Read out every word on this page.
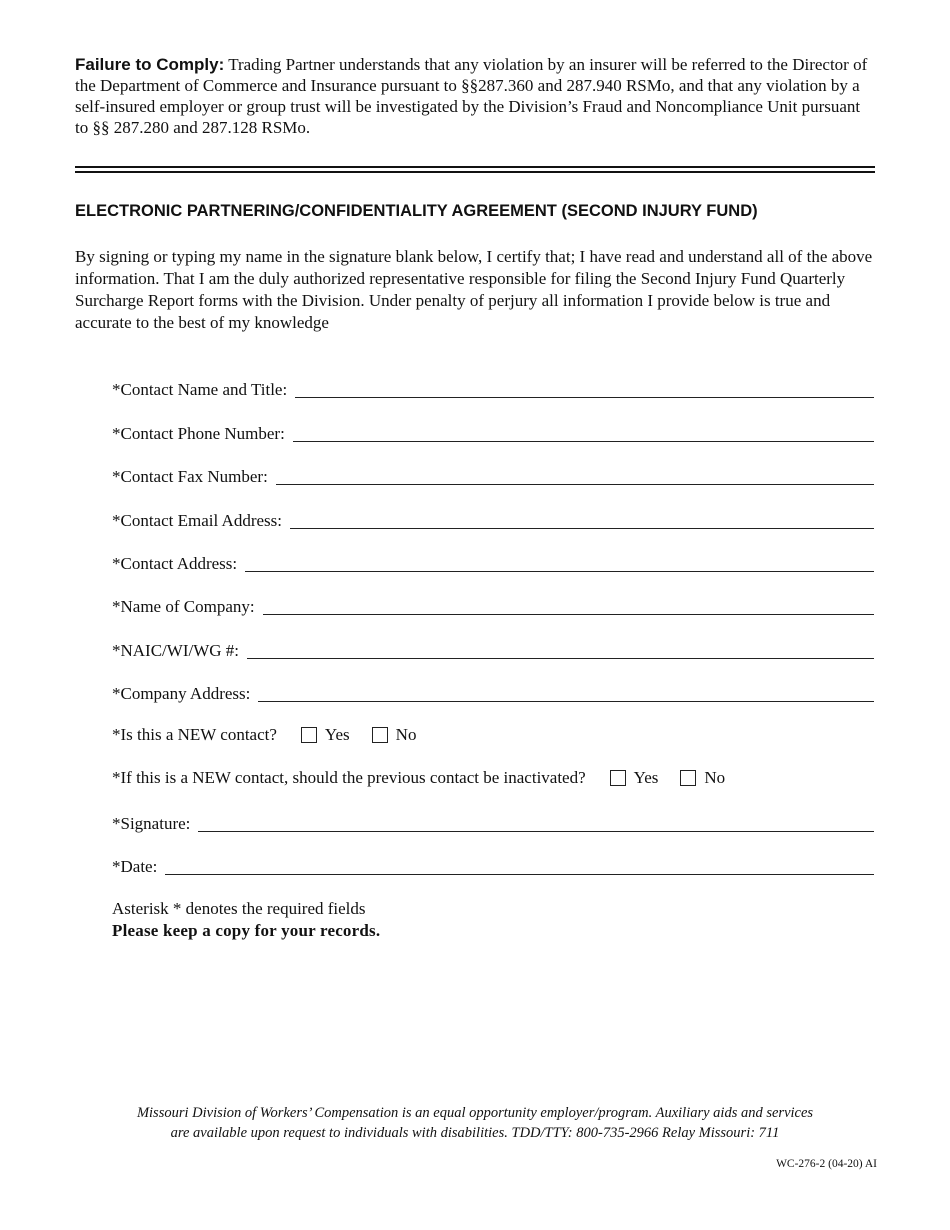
Failure to Comply: Trading Partner understands that any violation by an insurer will be referred to the Director of the Department of Commerce and Insurance pursuant to §§287.360 and 287.940 RSMo, and that any violation by a self-insured employer or group trust will be investigated by the Division’s Fraud and Noncompliance Unit pursuant to §§ 287.280 and 287.128 RSMo.
ELECTRONIC PARTNERING/CONFIDENTIALITY AGREEMENT (SECOND INJURY FUND)
By signing or typing my name in the signature blank below, I certify that; I have read and understand all of the above information. That I am the duly authorized representative responsible for filing the Second Injury Fund Quarterly Surcharge Report forms with the Division. Under penalty of perjury all information I provide below is true and accurate to the best of my knowledge
*Contact Name and Title:
*Contact Phone Number:
*Contact Fax Number:
*Contact Email Address:
*Contact Address:
*Name of Company:
*NAIC/WI/WG #:
*Company Address:
*Is this a NEW contact?	Yes	No
*If this is a NEW contact, should the previous contact be inactivated?	Yes	No
*Signature:
*Date:
Asterisk * denotes the required fields
Please keep a copy for your records.
Missouri Division of Workers’ Compensation is an equal opportunity employer/program. Auxiliary aids and services
are available upon request to individuals with disabilities. TDD/TTY: 800-735-2966 Relay Missouri: 711
WC-276-2 (04-20) AI
